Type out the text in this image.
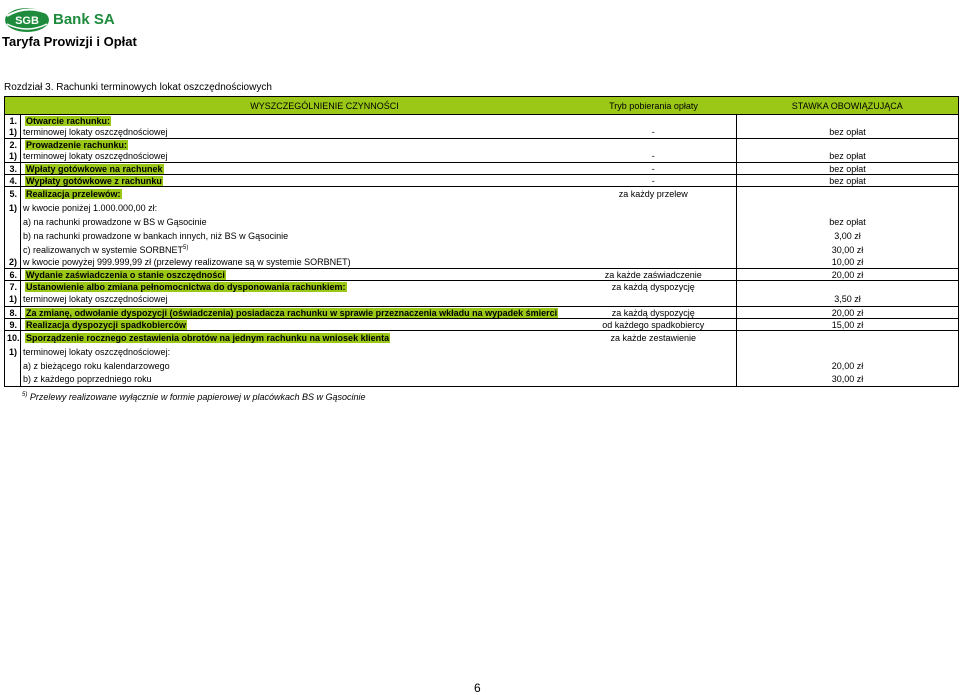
SGB Bank SA
Taryfa Prowizji i Opłat
Rozdział 3. Rachunki terminowych lokat oszczędnościowych
	WYSZCZEGÓLNIENIE CZYNNOŚCI	Tryb pobierania opłaty	STAWKA OBOWIĄZUJĄCA
1.	Otwarcie rachunku:		
1)	terminowej lokaty oszczędnościowej	-	bez opłat
2.	Prowadzenie rachunku:		
1)	terminowej lokaty oszczędnościowej	-	bez opłat
3.	Wpłaty gotówkowe na rachunek	-	bez opłat
4.	Wypłaty gotówkowe z rachunku	-	bez opłat
5.	Realizacja przelewów:	za każdy przelew	
1)	w kwocie poniżej 1.000.000,00 zł:		
	a) na rachunki prowadzone w BS w Gąsocinie		bez opłat
	b) na rachunki prowadzone w bankach innych, niż BS w Gąsocinie		3,00 zł
	c) realizowanych w systemie SORBNET$^{5)}$		30,00 zł
2)	w kwocie powyżej 999.999,99 zł (przelewy realizowane są w systemie SORBNET)		10,00 zł
6.	Wydanie zaświadczenia o stanie oszczędności	za każde zaświadczenie	20,00 zł
7.	Ustanowienie albo zmiana pełnomocnictwa do dysponowania rachunkiem:	za każdą dyspozycję	
1)	terminowej lokaty oszczędnościowej		3,50 zł
8.	Za zmianę, odwołanie dyspozycji (oświadczenia) posiadacza rachunku w sprawie przeznaczenia wkładu na wypadek śmierci	za każdą dyspozycję	20,00 zł
9.	Realizacja dyspozycji spadkobierców	od każdego spadkobiercy	15,00 zł
10.	Sporządzenie rocznego zestawienia obrotów na jednym rachunku na wniosek klienta	za każde zestawienie	
1)	terminowej lokaty oszczędnościowej:		
	a) z bieżącego roku kalendarzowego		20,00 zł
	b) z każdego poprzedniego roku		30,00 zł
$^{5)}$ Przelewy realizowane wyłącznie w formie papierowej w placówkach BS w Gąsocinie
6
